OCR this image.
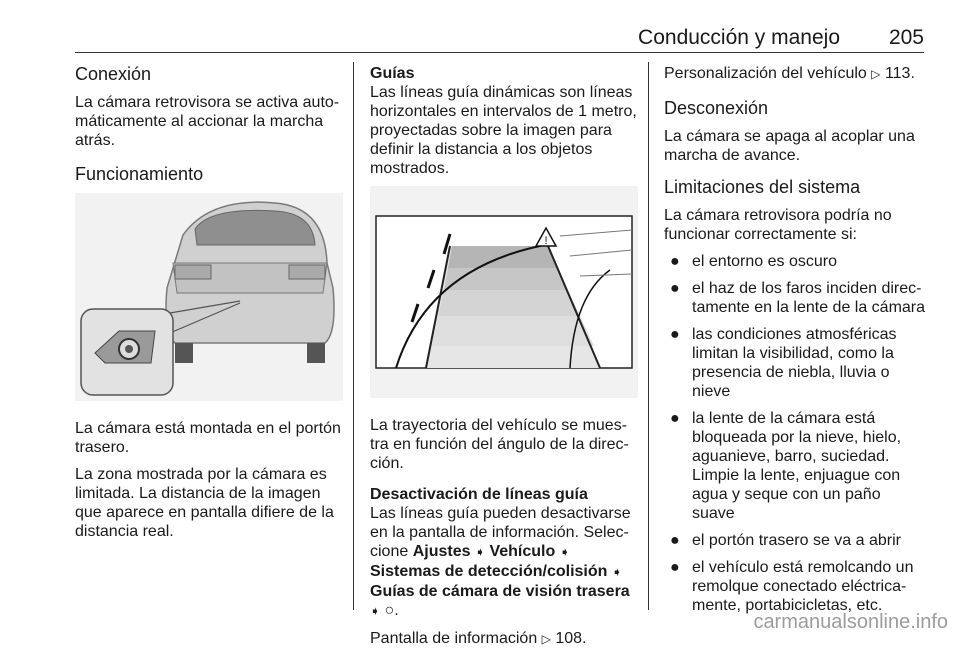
Conducción y manejo 205
Conexión

La cámara retrovisora se activa automáticamente al accionar la marcha atrás.

Funcionamiento

La cámara está montada en el portón trasero.

La zona mostrada por la cámara es limitada. La distancia de la imagen que aparece en pantalla difiere de la distancia real.

Guías

Las líneas guía dinámicas son líneas horizontales en intervalos de 1 metro, proyectadas sobre la imagen para definir la distancia a los objetos mostrados.

!

La trayectoria del vehículo se muestra en función del ángulo de la dirección.

Desactivación de líneas guía

Las líneas guía pueden desactivarse en la pantalla de información. Seleccione Ajustes ➧ Vehículo ➧ Sistemas de detección/colisión ➧ Guías de cámara de visión trasera ➧ ○.

Pantalla de información ▷ 108.

Personalización del vehículo ▷ 113.

Desconexión

La cámara se apaga al acoplar una marcha de avance.

Limitaciones del sistema

La cámara retrovisora podría no funcionar correctamente si:

● el entorno es oscuro
● el haz de los faros inciden directamente en la lente de la cámara
● las condiciones atmosféricas limitan la visibilidad, como la presencia de niebla, lluvia o nieve
● la lente de la cámara está bloqueada por la nieve, hielo, aguanieve, barro, suciedad. Limpie la lente, enjuague con agua y seque con un paño suave
● el portón trasero se va a abrir
● el vehículo está remolcando un remolque conectado eléctricamente, portabicicletas, etc.
carmanualsonline.info
